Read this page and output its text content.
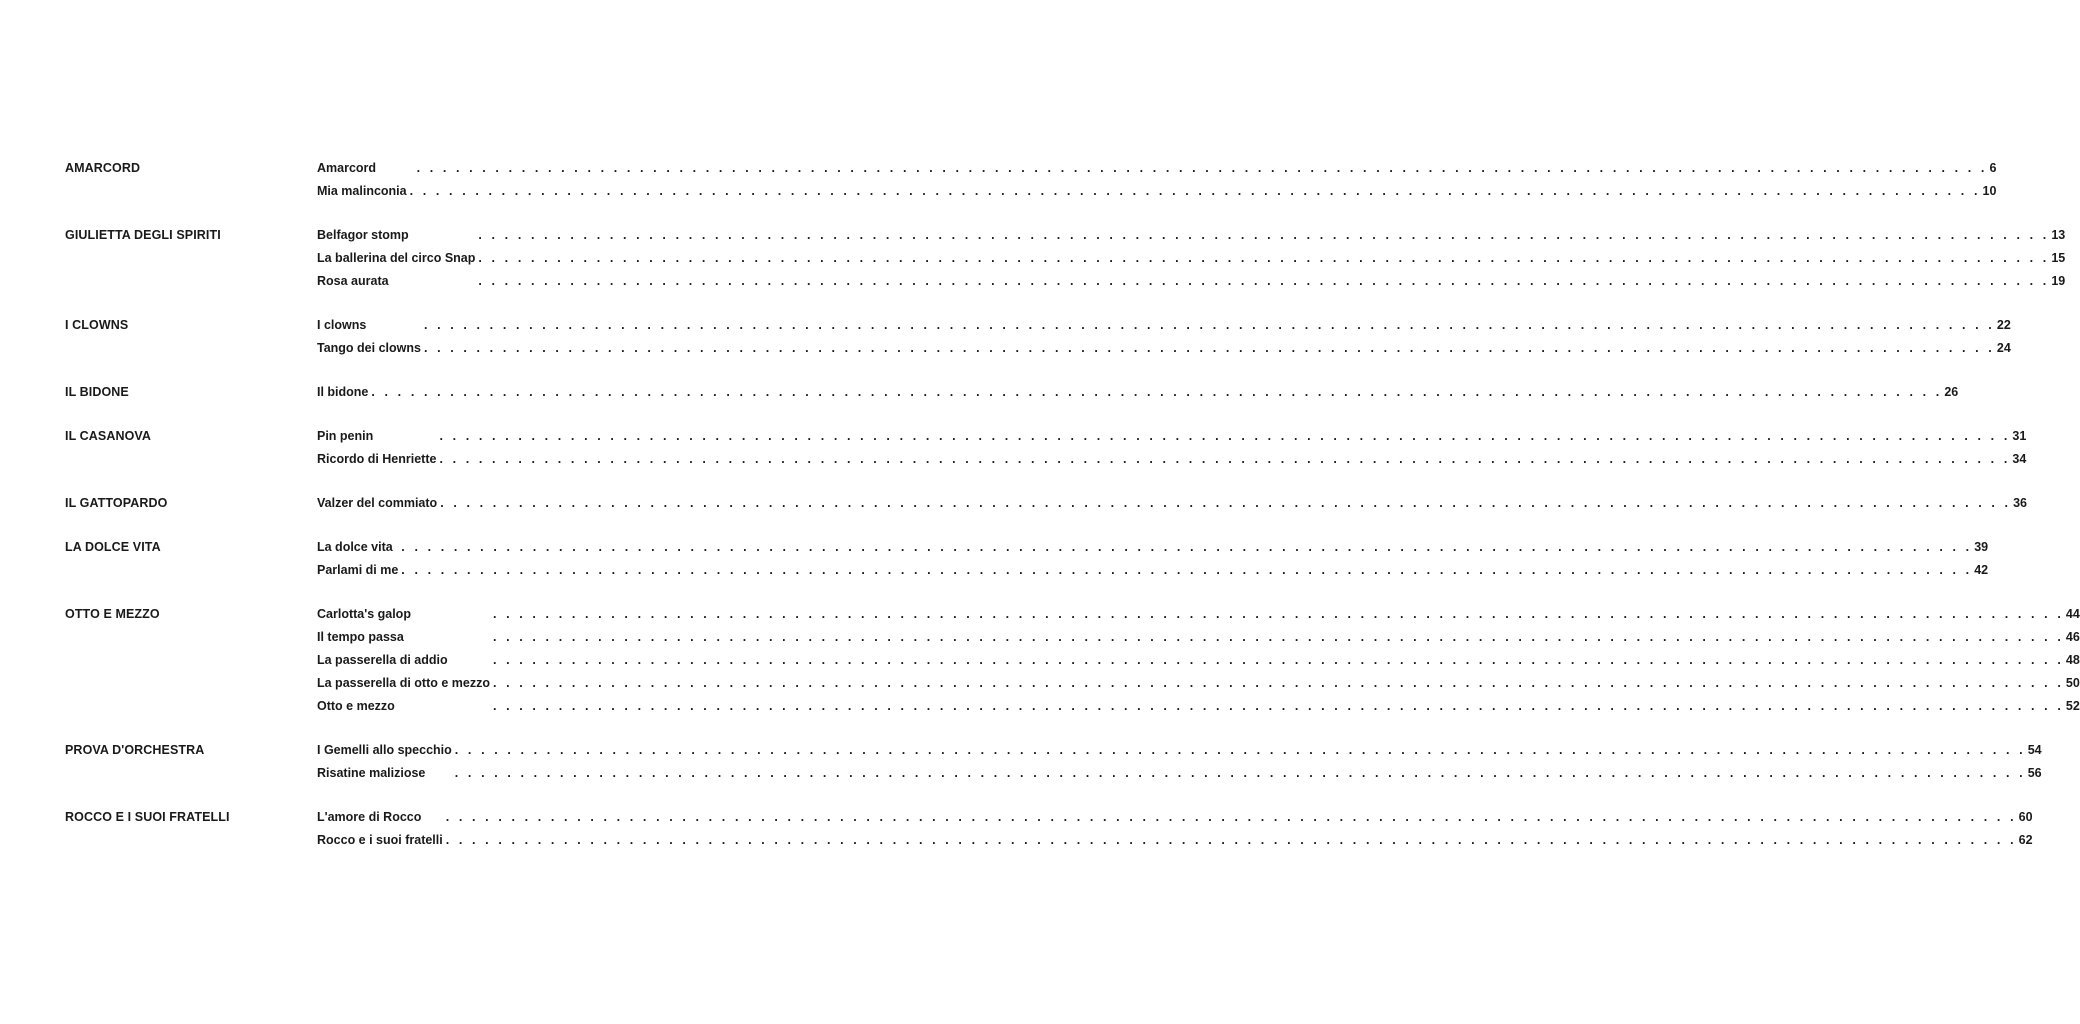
AMARCORD	Amarcord	. . . . . . . . . . . . . . . . . . . . . . . . . . . . . . . . . . . . . . . . . . . . . . . . . . . . . . . . . . . . . . . . . . . . . . . . . . . . . . . . . . . . . . . . . . . . . . . . . . . . . . . . . . . . . . . . . . . . . . . . 6
Mia malinconia . . . . . . . . . . . . . . . . . . . . . . . . . . . . . . . . . . . . . . . . . . . . . . . . . . . . . . . . . . . . . . . . . . . . . . . . . . . . . . . . . . . . . . . . . . . . . . . . . . . . . . . . . . . . . . . . . . . . . . . . 10
GIULIETTA DEGLI SPIRITI	Belfagor stomp	. . . . . . . . . . . . . . . . . . . . . . . . . . . . . . . . . . . . . . . . . . . . . . . . . . . . . . . . . . . . . . . . . . . . . . . . . . . . . . . . . . . . . . . . . . . . . . . . . . . . . . . . . . . . . . . . . . . . . . . . 13
La ballerina del circo Snap . . . . . . . . . . . . . . . . . . . . . . . . . . . . . . . . . . . . . . . . . . . . . . . . . . . . . . . . . . . . . . . . . . . . . . . . . . . . . . . . . . . . . . . . . . . . . . . . . . . . . . . . . . . . . . . . . . . . . . . . 15
Rosa aurata	. . . . . . . . . . . . . . . . . . . . . . . . . . . . . . . . . . . . . . . . . . . . . . . . . . . . . . . . . . . . . . . . . . . . . . . . . . . . . . . . . . . . . . . . . . . . . . . . . . . . . . . . . . . . . . . . . . . . . . . . 19
I CLOWNS	I clowns	. . . . . . . . . . . . . . . . . . . . . . . . . . . . . . . . . . . . . . . . . . . . . . . . . . . . . . . . . . . . . . . . . . . . . . . . . . . . . . . . . . . . . . . . . . . . . . . . . . . . . . . . . . . . . . . . . . . . . . . . 22
Tango dei clowns . . . . . . . . . . . . . . . . . . . . . . . . . . . . . . . . . . . . . . . . . . . . . . . . . . . . . . . . . . . . . . . . . . . . . . . . . . . . . . . . . . . . . . . . . . . . . . . . . . . . . . . . . . . . . . . . . . . . . . . . 24
IL BIDONE	Il bidone . . . . . . . . . . . . . . . . . . . . . . . . . . . . . . . . . . . . . . . . . . . . . . . . . . . . . . . . . . . . . . . . . . . . . . . . . . . . . . . . . . . . . . . . . . . . . . . . . . . . . . . . . . . . . . . . . . . . . . . . 26
IL CASANOVA	Pin penin	. . . . . . . . . . . . . . . . . . . . . . . . . . . . . . . . . . . . . . . . . . . . . . . . . . . . . . . . . . . . . . . . . . . . . . . . . . . . . . . . . . . . . . . . . . . . . . . . . . . . . . . . . . . . . . . . . . . . . . . . 31
Ricordo di Henriette . . . . . . . . . . . . . . . . . . . . . . . . . . . . . . . . . . . . . . . . . . . . . . . . . . . . . . . . . . . . . . . . . . . . . . . . . . . . . . . . . . . . . . . . . . . . . . . . . . . . . . . . . . . . . . . . . . . . . . . . 34
IL GATTOPARDO	Valzer del commiato . . . . . . . . . . . . . . . . . . . . . . . . . . . . . . . . . . . . . . . . . . . . . . . . . . . . . . . . . . . . . . . . . . . . . . . . . . . . . . . . . . . . . . . . . . . . . . . . . . . . . . . . . . . . . . . . . . . . . . . . 36
LA DOLCE VITA	La dolce vita . . . . . . . . . . . . . . . . . . . . . . . . . . . . . . . . . . . . . . . . . . . . . . . . . . . . . . . . . . . . . . . . . . . . . . . . . . . . . . . . . . . . . . . . . . . . . . . . . . . . . . . . . . . . . . . . . . . . . . . . 39
Parlami di me . . . . . . . . . . . . . . . . . . . . . . . . . . . . . . . . . . . . . . . . . . . . . . . . . . . . . . . . . . . . . . . . . . . . . . . . . . . . . . . . . . . . . . . . . . . . . . . . . . . . . . . . . . . . . . . . . . . . . . . . 42
OTTO E MEZZO	Carlotta's galop	. . . . . . . . . . . . . . . . . . . . . . . . . . . . . . . . . . . . . . . . . . . . . . . . . . . . . . . . . . . . . . . . . . . . . . . . . . . . . . . . . . . . . . . . . . . . . . . . . . . . . . . . . . . . . . . . . . . . . . . . 44
Il tempo passa	. . . . . . . . . . . . . . . . . . . . . . . . . . . . . . . . . . . . . . . . . . . . . . . . . . . . . . . . . . . . . . . . . . . . . . . . . . . . . . . . . . . . . . . . . . . . . . . . . . . . . . . . . . . . . . . . . . . . . . . . 46
La passerella di addio	. . . . . . . . . . . . . . . . . . . . . . . . . . . . . . . . . . . . . . . . . . . . . . . . . . . . . . . . . . . . . . . . . . . . . . . . . . . . . . . . . . . . . . . . . . . . . . . . . . . . . . . . . . . . . . . . . . . . . . . . 48
La passerella di otto e mezzo . . . . . . . . . . . . . . . . . . . . . . . . . . . . . . . . . . . . . . . . . . . . . . . . . . . . . . . . . . . . . . . . . . . . . . . . . . . . . . . . . . . . . . . . . . . . . . . . . . . . . . . . . . . . . . . . . . . . . . . . 50
Otto e mezzo	. . . . . . . . . . . . . . . . . . . . . . . . . . . . . . . . . . . . . . . . . . . . . . . . . . . . . . . . . . . . . . . . . . . . . . . . . . . . . . . . . . . . . . . . . . . . . . . . . . . . . . . . . . . . . . . . . . . . . . . . 52
PROVA D'ORCHESTRA	I Gemelli allo specchio . . . . . . . . . . . . . . . . . . . . . . . . . . . . . . . . . . . . . . . . . . . . . . . . . . . . . . . . . . . . . . . . . . . . . . . . . . . . . . . . . . . . . . . . . . . . . . . . . . . . . . . . . . . . . . . . . . . . . . . . 54
Risatine maliziose	. . . . . . . . . . . . . . . . . . . . . . . . . . . . . . . . . . . . . . . . . . . . . . . . . . . . . . . . . . . . . . . . . . . . . . . . . . . . . . . . . . . . . . . . . . . . . . . . . . . . . . . . . . . . . . . . . . . . . . . . 56
ROCCO E I SUOI FRATELLI	L'amore di Rocco	. . . . . . . . . . . . . . . . . . . . . . . . . . . . . . . . . . . . . . . . . . . . . . . . . . . . . . . . . . . . . . . . . . . . . . . . . . . . . . . . . . . . . . . . . . . . . . . . . . . . . . . . . . . . . . . . . . . . . . . . 60
Rocco e i suoi fratelli . . . . . . . . . . . . . . . . . . . . . . . . . . . . . . . . . . . . . . . . . . . . . . . . . . . . . . . . . . . . . . . . . . . . . . . . . . . . . . . . . . . . . . . . . . . . . . . . . . . . . . . . . . . . . . . . . . . . . . . . 62
